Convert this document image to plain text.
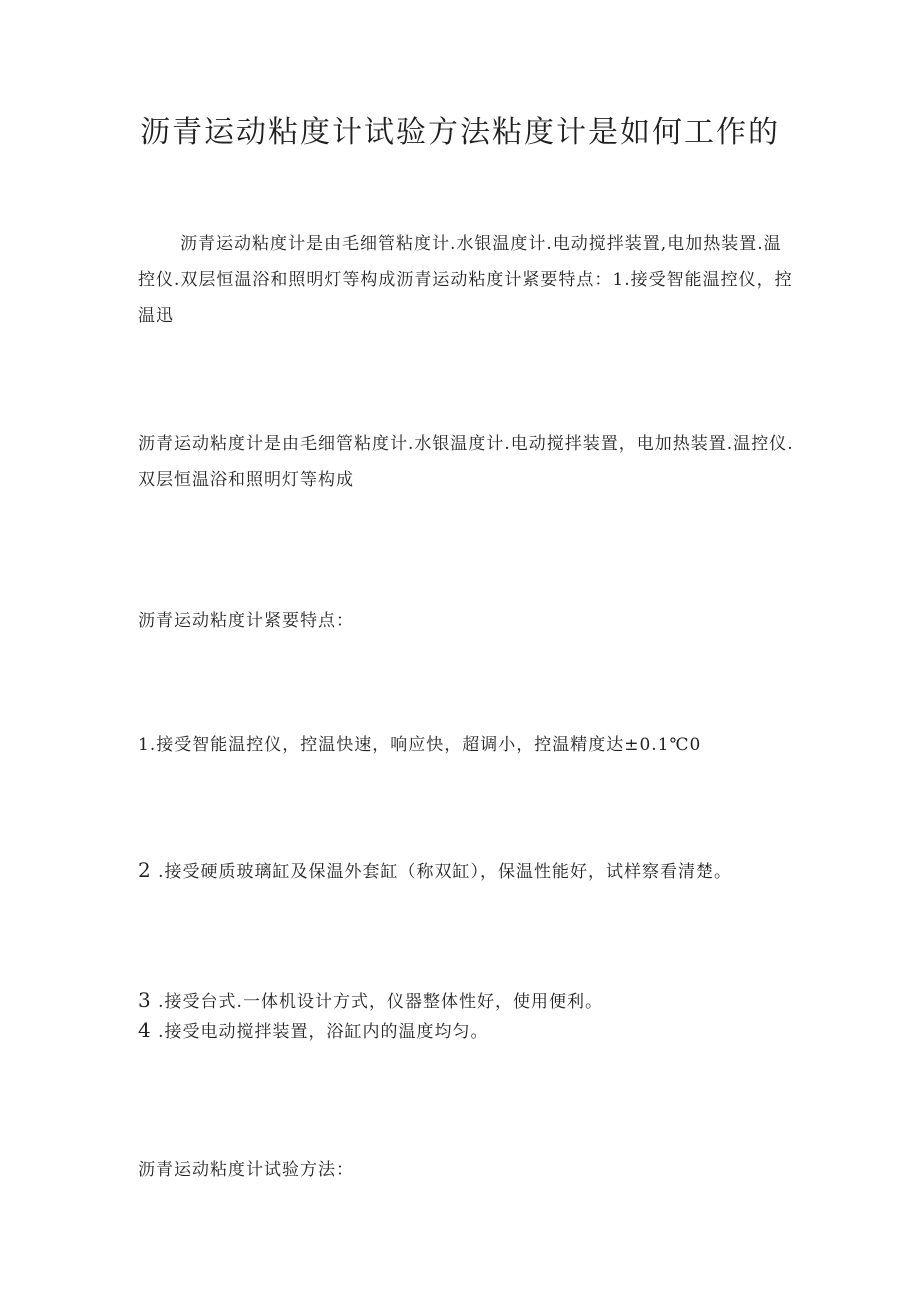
沥青运动粘度计试验方法粘度计是如何工作的
沥青运动粘度计是由毛细管粘度计.水银温度计.电动搅拌装置,电加热装置.温控仪.双层恒温浴和照明灯等构成沥青运动粘度计紧要特点：1.接受智能温控仪，控温迅
沥青运动粘度计是由毛细管粘度计.水银温度计.电动搅拌装置，电加热装置.温控仪.双层恒温浴和照明灯等构成
沥青运动粘度计紧要特点：
1.接受智能温控仪，控温快速，响应快，超调小，控温精度达±0.1℃0
2 .接受硬质玻璃缸及保温外套缸（称双缸），保温性能好，试样察看清楚。
3 .接受台式.一体机设计方式，仪器整体性好，使用便利。
4 .接受电动搅拌装置，浴缸内的温度均匀。
沥青运动粘度计试验方法：
